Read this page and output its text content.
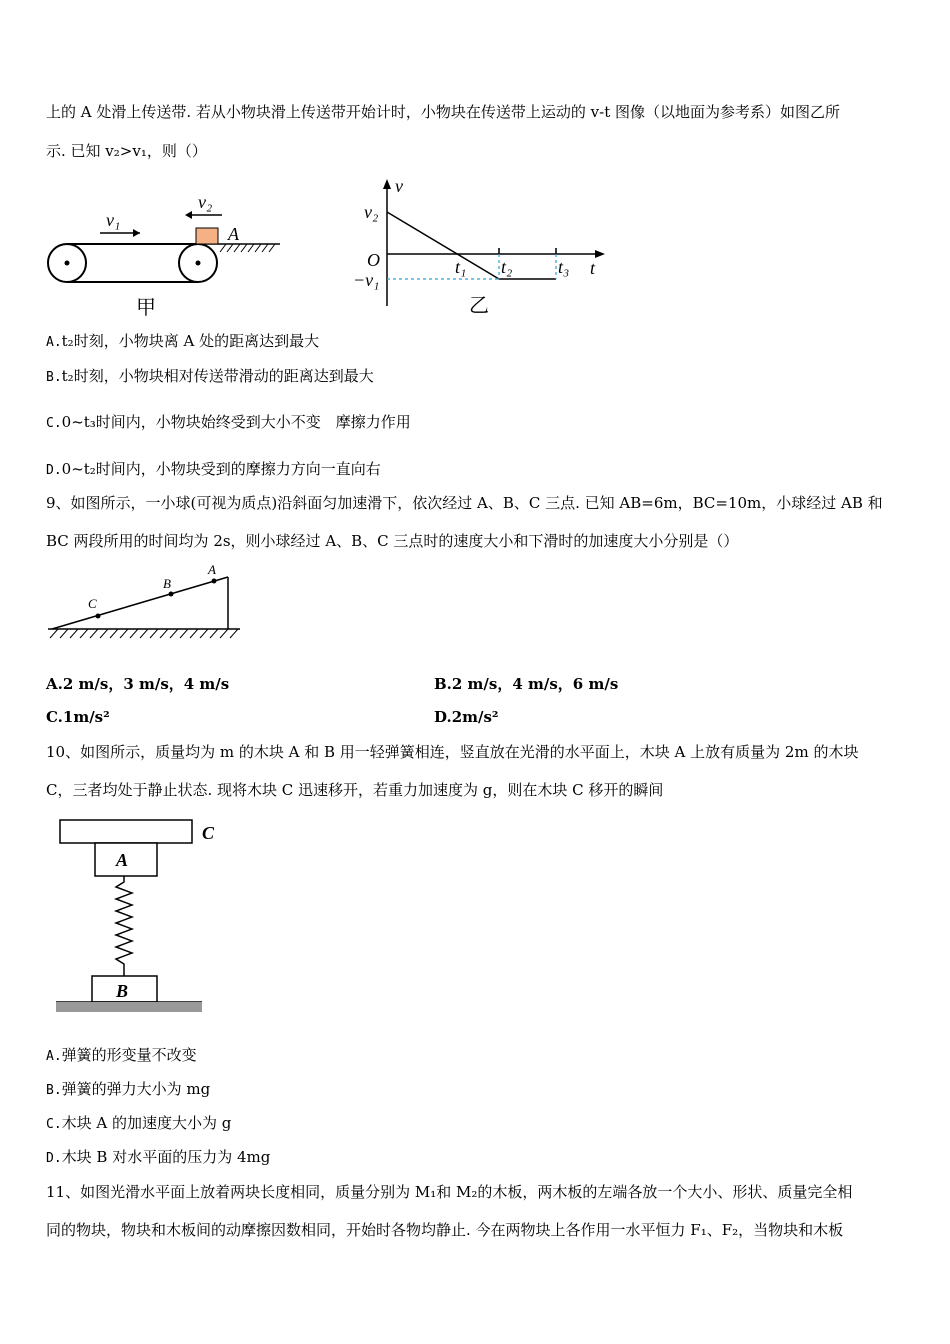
上的 A 处滑上传送带. 若从小物块滑上传送带开始计时，小物块在传送带上运动的 v-t 图像（以地面为参考系）如图乙所
示. 已知 v₂>v₁，则（）
v₁
v₂
A
甲
v
v₂
O
−v₁
t₁ t₂	t₃ t
乙
A.t₂时刻，小物块离 A 处的距离达到最大
B.t₂时刻，小物块相对传送带滑动的距离达到最大
C.0~t₃时间内，小物块始终受到大小不变　摩擦力作用
D.0~t₂时间内，小物块受到的摩擦力方向一直向右
9、如图所示，一小球(可视为质点)沿斜面匀加速滑下，依次经过 A、B、C 三点. 已知 AB=6m，BC=10m，小球经过 AB 和
BC 两段所用的时间均为 2s，则小球经过 A、B、C 三点时的速度大小和下滑时的加速度大小分别是（）
C
B
A
A.2 m/s，3 m/s，4 m/s	B.2 m/s，4 m/s，6 m/s
C.1m/s²	D.2m/s²
10、如图所示，质量均为 m 的木块 A 和 B 用一轻弹簧相连，竖直放在光滑的水平面上，木块 A 上放有质量为 2m 的木块
C，三者均处于静止状态. 现将木块 C 迅速移开，若重力加速度为 g，则在木块 C 移开的瞬间
C
A
B
A.弹簧的形变量不改变
B.弹簧的弹力大小为 mg
C.木块 A 的加速度大小为 g
D.木块 B 对水平面的压力为 4mg
11、如图光滑水平面上放着两块长度相同，质量分别为 M₁和 M₂的木板，两木板的左端各放一个大小、形状、质量完全相
同的物块，物块和木板间的动摩擦因数相同，开始时各物均静止. 今在两物块上各作用一水平恒力 F₁、F₂，当物块和木板
